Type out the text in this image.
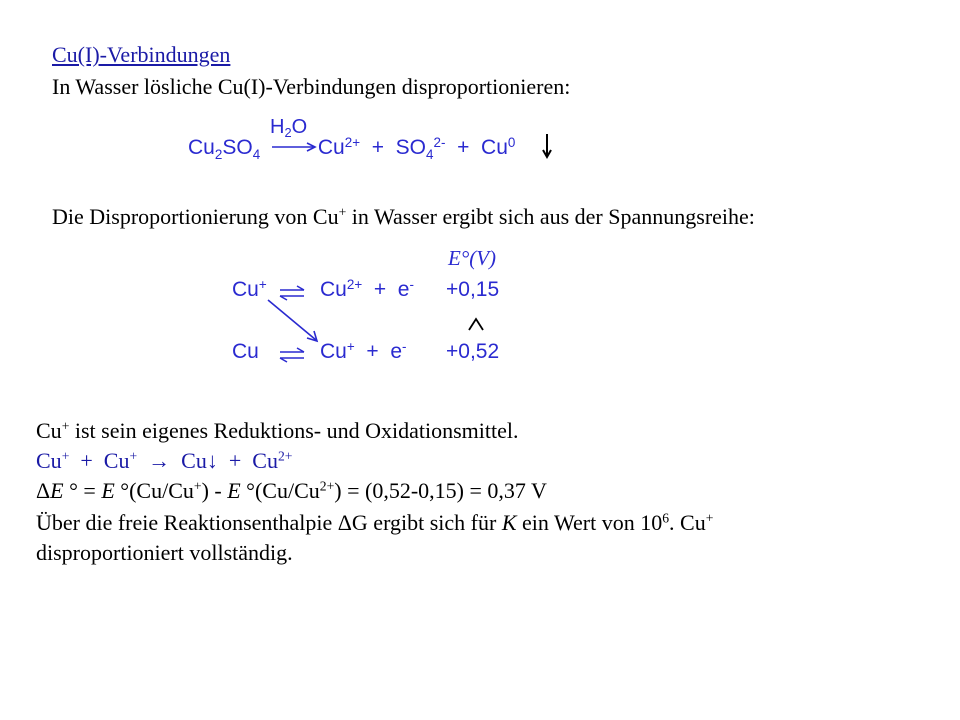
Cu(I)-Verbindungen
In Wasser lösliche Cu(I)-Verbindungen disproportionieren:
$H_2O$
$Cu_2SO_4$	$Cu^{2+} + SO_4^{2-} + Cu^0$
Die Disproportionierung von Cu+ in Wasser ergibt sich aus der Spannungsreihe:
E°(V)
Cu+ ⇌ $Cu^{2+} + e^- +0,15$
Cu ⇌ Cu+ + e- +0,52
Cu+ ist sein eigenes Reduktions- und Oxidationsmittel.
Cu+ + Cu+ → Cu↓ + $Cu^{2+}$
ΔE ° = E °(Cu/Cu+) - E $^\circ(Cu/Cu^{2+}) = (0,52-0,15) = 0,37$ V
Über die freie Reaktionsenthalpie ΔG ergibt sich für K ein Wert von $10^6$. Cu+
disproportioniert vollständig.
